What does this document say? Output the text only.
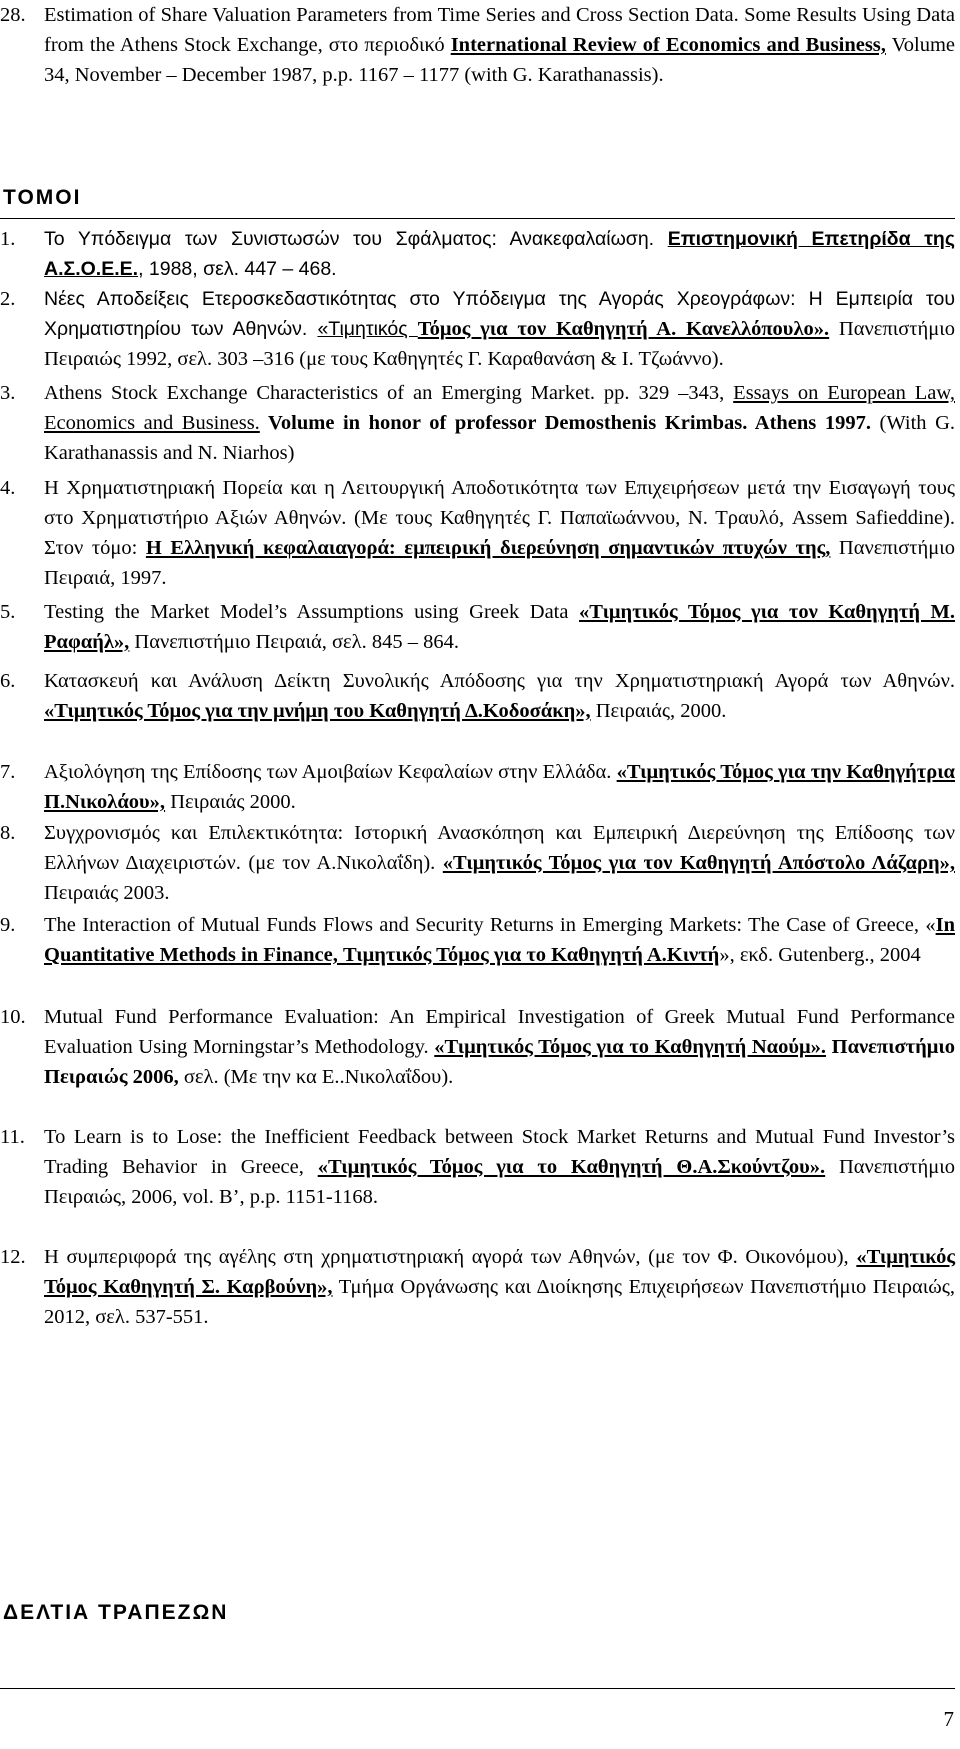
28. Estimation of Share Valuation Parameters from Time Series and Cross Section Data. Some Results Using Data from the Athens Stock Exchange, στο περιοδικό International Review of Economics and Business, Volume 34, November – December 1987, p.p. 1167 – 1177 (with G. Karathanassis).
ΤΟΜΟΙ
1. Το Υπόδειγμα των Συνιστωσών του Σφάλματος: Ανακεφαλαίωση. Επιστημονική Επετηρίδα της Α.Σ.Ο.Ε.Ε., 1988, σελ. 447 – 468.
2. Νέες Αποδείξεις Ετεροσκεδαστικότητας στο Υπόδειγμα της Αγοράς Χρεογράφων: Η Εμπειρία του Χρηματιστηρίου των Αθηνών. «Τιμητικός Τόμος για τον Καθηγητή Α. Κανελλόπουλο». Πανεπιστήμιο Πειραιώς 1992, σελ. 303 –316 (με τους Καθηγητές Γ. Καραθανάση & Ι. Τζωάννο).
3. Athens Stock Exchange Characteristics of an Emerging Market. pp. 329 –343, Essays on European Law, Economics and Business. Volume in honor of professor Demosthenis Krimbas. Athens 1997. (With G. Karathanassis and N. Niarhos)
4. Η Χρηματιστηριακή Πορεία και η Λειτουργική Αποδοτικότητα των Επιχειρήσεων μετά την Εισαγωγή τους στο Χρηματιστήριο Αξιών Αθηνών. (Με τους Καθηγητές Γ. Παπαϊωάννου, Ν. Τραυλό, Assem Safieddine). Στον τόμο: Η Ελληνική κεφαλαιαγορά: εμπειρική διερεύνηση σημαντικών πτυχών της, Πανεπιστήμιο Πειραιά, 1997.
5. Testing the Market Model’s Assumptions using Greek Data «Τιμητικός Τόμος για τον Καθηγητή Μ. Ραφαήλ», Πανεπιστήμιο Πειραιά, σελ. 845 – 864.
6. Κατασκευή και Ανάλυση Δείκτη Συνολικής Απόδοσης για την Χρηματιστηριακή Αγορά των Αθηνών. «Τιμητικός Τόμος για την μνήμη του Καθηγητή Δ.Κοδοσάκη», Πειραιάς, 2000.
7. Αξιολόγηση της Επίδοσης των Αμοιβαίων Κεφαλαίων στην Ελλάδα. «Τιμητικός Τόμος για την Καθηγήτρια Π.Νικολάου», Πειραιάς 2000.
8. Συγχρονισμός και Επιλεκτικότητα: Ιστορική Ανασκόπηση και Εμπειρική Διερεύνηση της Επίδοσης των Ελλήνων Διαχειριστών. (με τον Α.Νικολαΐδη). «Τιμητικός Τόμος για τον Καθηγητή Απόστολο Λάζαρη», Πειραιάς 2003.
9. The Interaction of Mutual Funds Flows and Security Returns in Emerging Markets: The Case of Greece, «In Quantitative Methods in Finance, Τιμητικός Τόμος για το Καθηγητή Α.Κιντή», εκδ. Gutenberg., 2004
10. Mutual Fund Performance Evaluation: An Empirical Investigation of Greek Mutual Fund Performance Evaluation Using Morningstar’s Methodology. «Τιμητικός Τόμος για το Καθηγητή Ναούμ». Πανεπιστήμιο Πειραιώς 2006, σελ. (Με την κα Ε..Νικολαΐδου).
11. To Learn is to Lose: the Inefficient Feedback between Stock Market Returns and Mutual Fund Investor’s Trading Behavior in Greece, «Τιμητικός Τόμος για το Καθηγητή Θ.Α.Σκούντζου». Πανεπιστήμιο Πειραιώς, 2006, vol. B’, p.p. 1151-1168.
12. Η συμπεριφορά της αγέλης στη χρηματιστηριακή αγορά των Αθηνών, (με τον Φ. Οικονόμου), «Τιμητικός Τόμος Καθηγητή Σ. Καρβούνη», Τμήμα Οργάνωσης και Διοίκησης Επιχειρήσεων Πανεπιστήμιο Πειραιώς, 2012, σελ. 537-551.
ΔΕΛΤΙΑ ΤΡΑΠΕΖΩΝ
7
